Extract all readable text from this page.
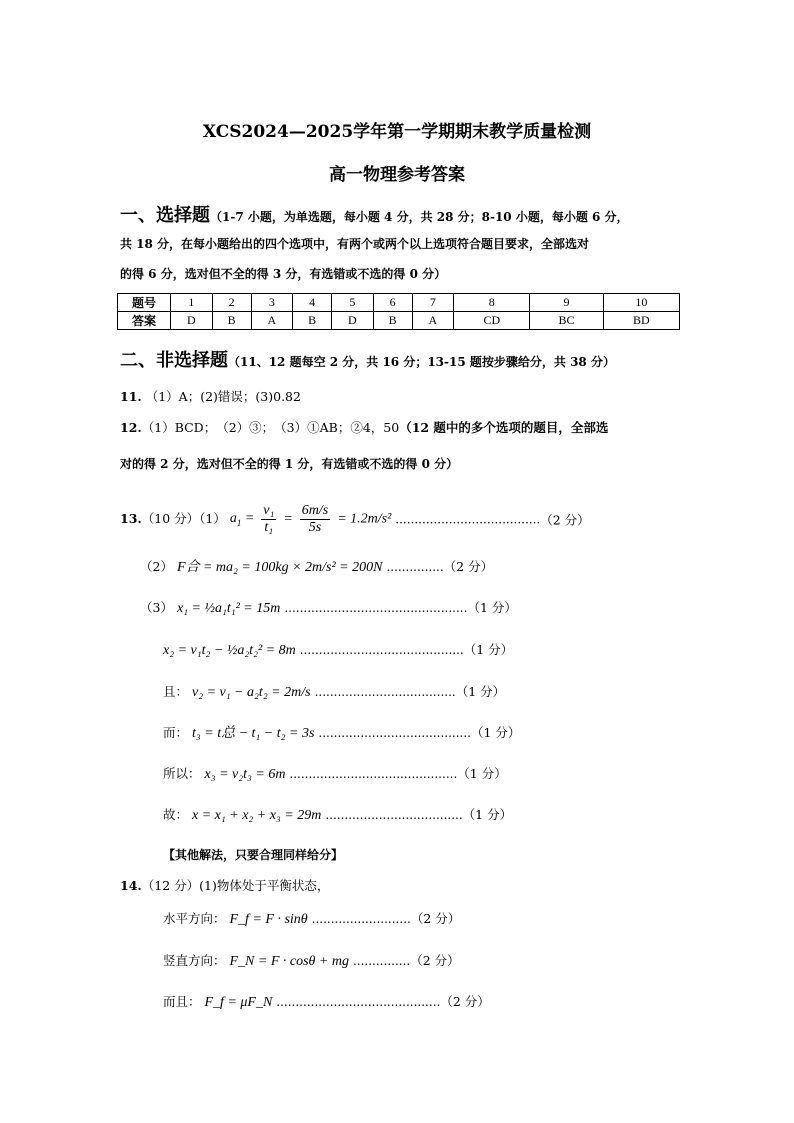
XCS2024—2025学年第一学期期末教学质量检测
高一物理参考答案
一、选择题（1-7 小题，为单选题，每小题 4 分，共 28 分；8-10 小题，每小题 6 分，
共 18 分，在每小题给出的四个选项中，有两个或两个以上选项符合题目要求，全部选对
的得 6 分，选对但不全的得 3 分，有选错或不选的得 0 分）
题号	1	2	3	4	5	6	7	8	9	10
答案	D	B	A	B	D	B	A	CD	BC	BD
二、非选择题（11、12 题每空 2 分，共 16 分；13-15 题按步骤给分，共 38 分）
11. （1）A；(2)错误；(3)0.82
12.（1）BCD；　（2）③；　（3）①AB；②4，50（12 题中的多个选项的题目，全部选
对的得 2 分，选对但不全的得 1 分，有选错或不选的得 0 分）
13.（10 分）（1） $a_1 = \frac{\text{v₁}}{\text{t₁}} = \frac{6m/s}{5s} = 1.2m/s^2$ ......................................（2 分）
（2） F合 = ma₂ = 100kg × 2m/s² = 200N ...............（2 分）
（3） x₁ = ½a₁t₁² = 15m ................................................（1 分）
x₂ = v₁t₂ − ½a₂t₂² = 8m ...........................................（1 分）
且： v₂ = v₁ − a₂t₂ = 2m/s .....................................（1 分）
而： t₃ = t总 − t₁ − t₂ = 3s ........................................（1 分）
所以： x₃ = v₂t₃ = 6m ............................................（1 分）
故： x = x₁ + x₂ + x₃ = 29m ....................................（1 分）
【其他解法，只要合理同样给分】
14.（12 分）(1)物体处于平衡状态，
水平方向： F_f = F · sinθ ..........................（2 分）
竖直方向： F_N = F · cosθ + mg ...............（2 分）
而且： F_f = μF_N ...........................................（2 分）
